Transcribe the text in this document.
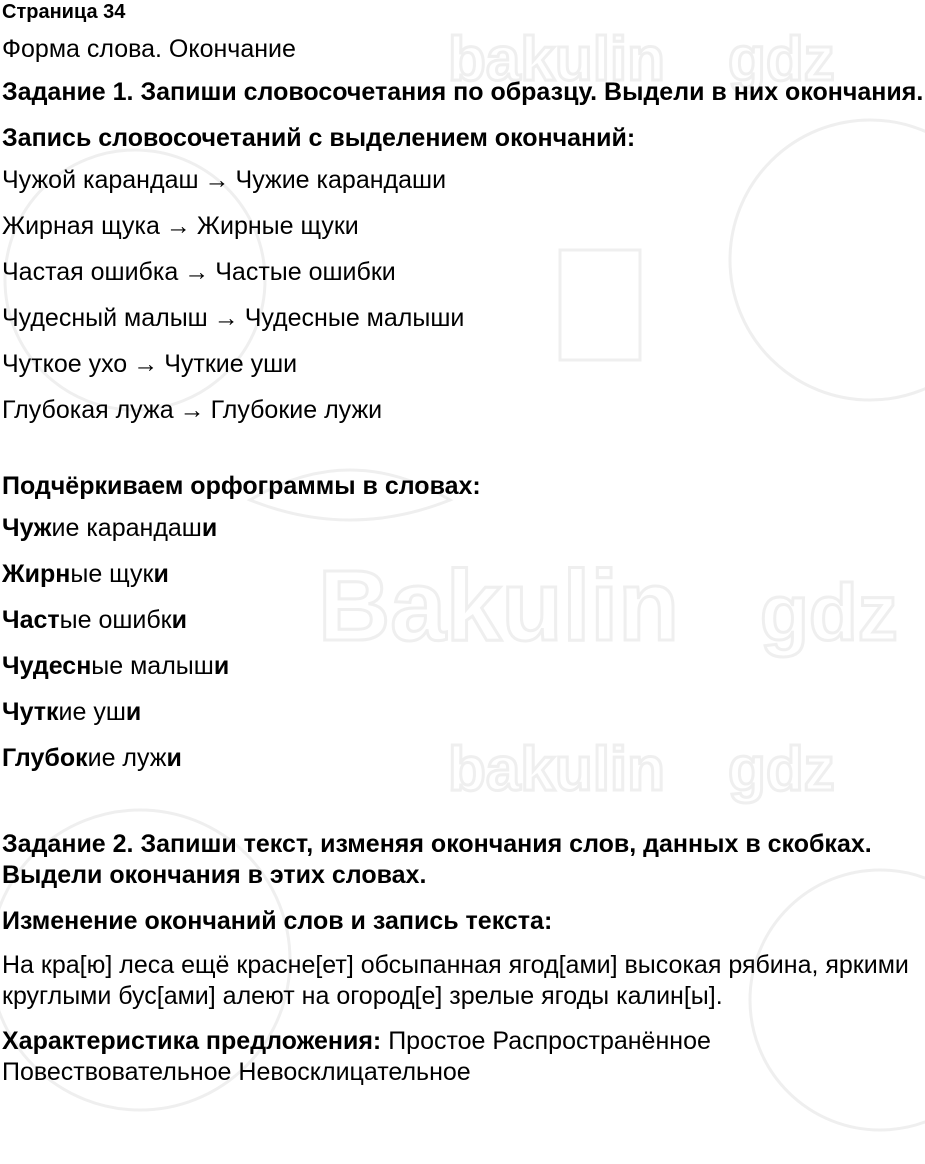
bakulin gdz
Bakulin gdz
bakulin gdz
Страница 34
Форма слова. Окончание
Задание 1. Запиши словосочетания по образцу. Выдели в них окончания.
Запись словосочетаний с выделением окончаний:
Чужой карандаш → Чужие карандаши
Жирная щука → Жирные щуки
Частая ошибка → Частые ошибки
Чудесный малыш → Чудесные малыши
Чуткое ухо → Чуткие уши
Глубокая лужа → Глубокие лужи
Подчёркиваем орфограммы в словах:
Чужие карандаши
Жирные щуки
Частые ошибки
Чудесные малыши
Чуткие уши
Глубокие лужи
Задание 2. Запиши текст, изменяя окончания слов, данных в скобках. Выдели окончания в этих словах.
Изменение окончаний слов и запись текста:
На кра[ю] леса ещё красне[ет] обсыпанная ягод[ами] высокая рябина, яркими круглыми бус[ами] алеют на огород[е] зрелые ягоды калин[ы].
Характеристика предложения: Простое Распространённое Повествовательное Невосклицательное
